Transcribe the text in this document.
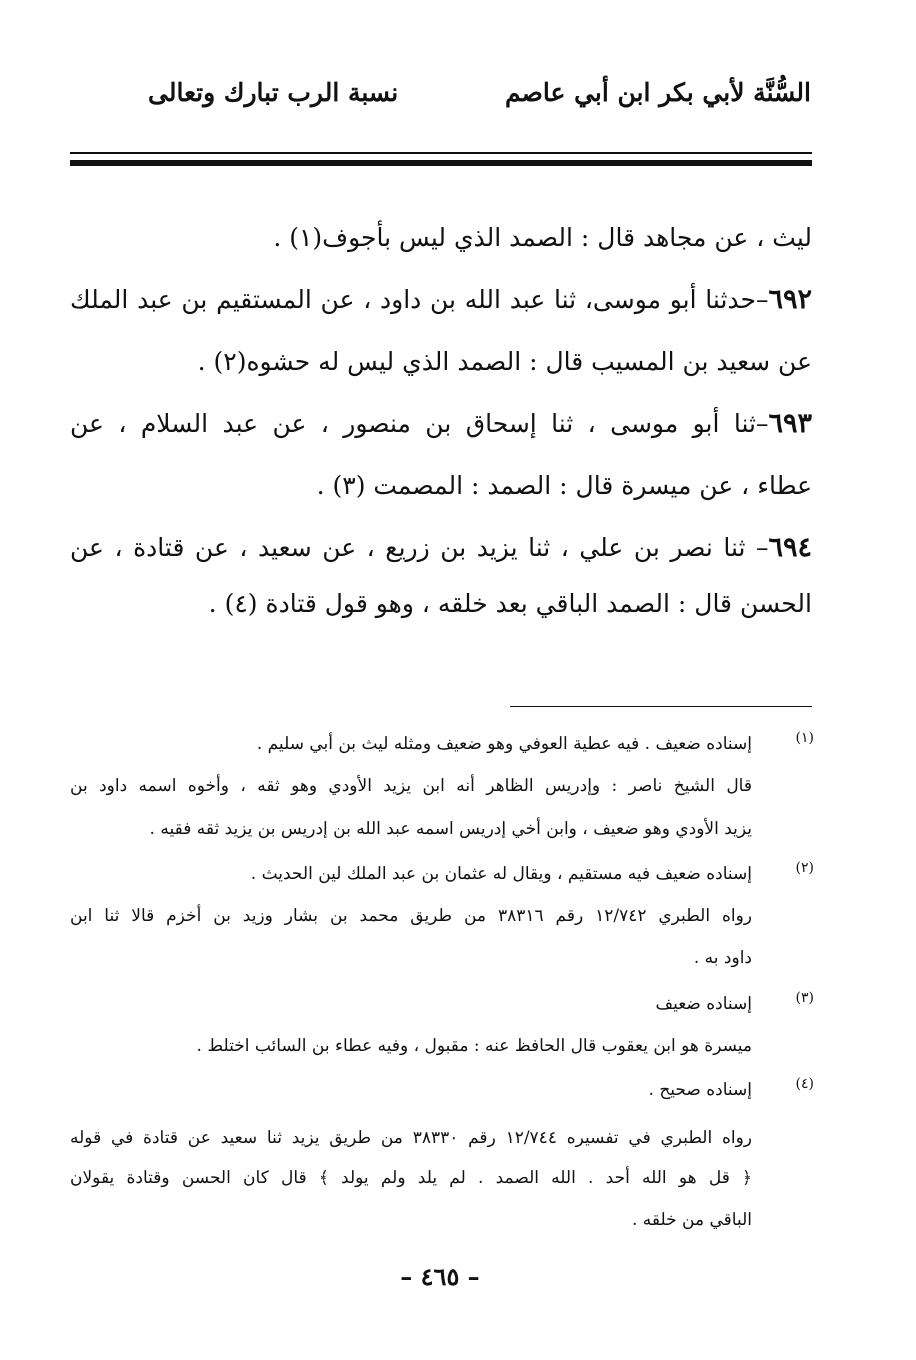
السُّنَّة لأبي بكر ابن أبي عاصم
نسبة الرب تبارك وتعالى
ليث ، عن مجاهد قال : الصمد الذي ليس بأجوف(١) .
٦٩٢–حدثنا أبو موسى، ثنا عبد الله بن داود ، عن المستقيم بن عبد الملك
عن سعيد بن المسيب قال : الصمد الذي ليس له حشوه(٢) .
٦٩٣–ثنا أبو موسى ، ثنا إسحاق بن منصور ، عن عبد السلام ، عن
عطاء ، عن ميسرة قال : الصمد : المصمت (٣) .
٦٩٤– ثنا نصر بن علي ، ثنا يزيد بن زريع ، عن سعيد ، عن قتادة ، عن
الحسن قال : الصمد الباقي بعد خلقه ، وهو قول قتادة (٤) .
(١)
إسناده ضعيف . فيه عطية العوفي وهو ضعيف ومثله ليث بن أبي سليم .
قال الشيخ ناصر : وإدريس الظاهر أنه ابن يزيد الأودي وهو ثقه ، وأخوه اسمه داود بن
يزيد الأودي وهو ضعيف ، وابن أخي إدريس اسمه عبد الله بن إدريس بن يزيد ثقه فقيه .
(٢)
إسناده ضعيف فيه مستقيم ، ويقال له عثمان بن عبد الملك لين الحديث .
رواه الطبري ١٢/٧٤٢ رقم ٣٨٣١٦ من طريق محمد بن بشار وزيد بن أخزم قالا ثنا ابن
داود به .
(٣)
إسناده ضعيف
ميسرة هو ابن يعقوب قال الحافظ عنه : مقبول ، وفيه عطاء بن السائب اختلط .
(٤)
إسناده صحيح .
رواه الطبري في تفسيره ١٢/٧٤٤ رقم ٣٨٣٣٠ من طريق يزيد ثنا سعيد عن قتادة في قوله
﴿ قل هو الله أحد . الله الصمد . لم يلد ولم يولد ﴾ قال كان الحسن وقتادة يقولان
الباقي من خلقه .
– ٤٦٥ –
